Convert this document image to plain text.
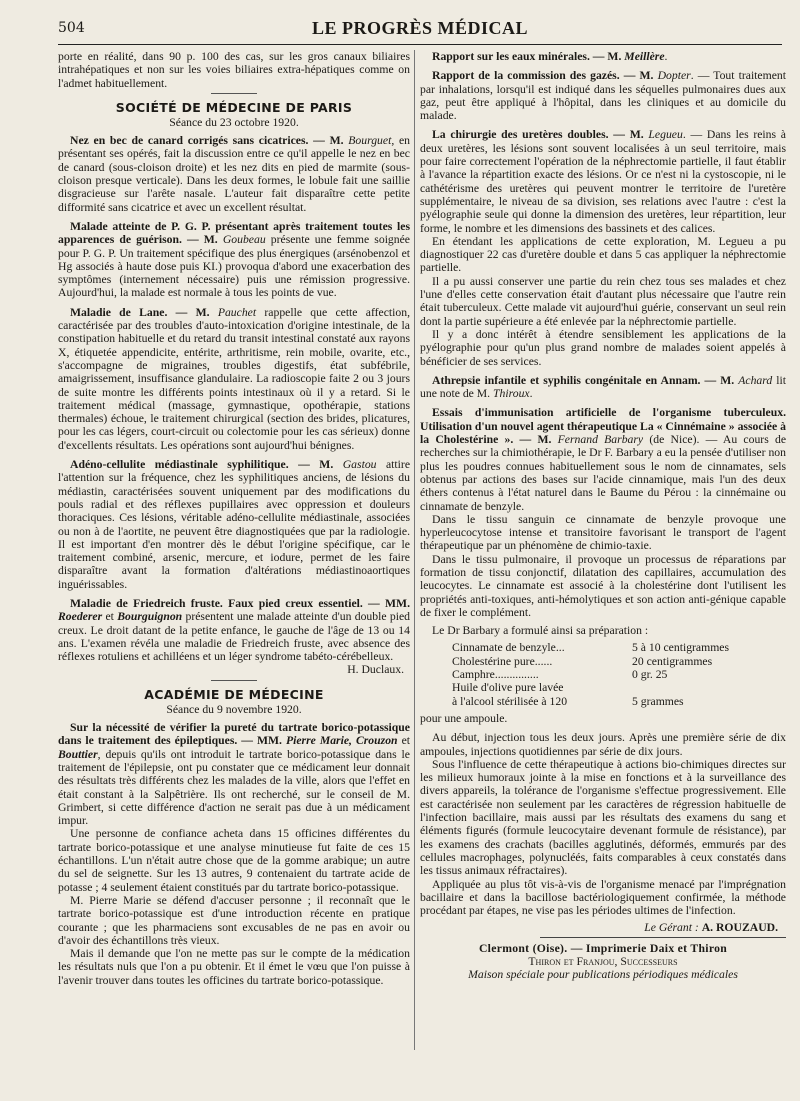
504	LE PROGRÈS MÉDICAL

porte en réalité, dans 90 p. 100 des cas, sur les gros canaux biliaires intrahépatiques et non sur les voies biliaires extra-hépatiques comme on l'admet habituellement.

SOCIÉTÉ DE MÉDECINE DE PARIS
Séance du 23 octobre 1920.

Nez en bec de canard corrigés sans cicatrices. — M. Bourguet, en présentant ses opérés, fait la discussion entre ce qu'il appelle le nez en bec de canard (sous-cloison droite) et les nez dits en pied de marmite (sous-cloison presque verticale). Dans les deux formes, le lobule fait une saillie disgracieuse sur l'arête nasale. L'auteur fait disparaître cette petite difformité sans cicatrice et avec un excellent résultat.

Malade atteinte de P. G. P. présentant après traitement toutes les apparences de guérison. — M. Goubeau présente une femme soignée pour P. G. P. Un traitement spécifique des plus énergiques (arsénobenzol et Hg associés à haute dose puis KI.) provoqua d'abord une exacerbation des symptômes (internement nécessaire) puis une rémission progressive. Aujourd'hui, la malade est normale à tous les points de vue.

Maladie de Lane. — M. Pauchet rappelle que cette affection, caractérisée par des troubles d'auto-intoxication d'origine intestinale, de la constipation habituelle et du retard du transit intestinal constaté aux rayons X, étiquetée appendicite, entérite, arthritisme, rein mobile, ovarite, etc., s'accompagne de migraines, troubles digestifs, état subfébrile, amaigrissement, insuffisance glandulaire. La radioscopie faite 2 ou 3 jours de suite montre les différents points intestinaux où il y a retard. Si le traitement médical (massage, gymnastique, opothérapie, stations thermales) échoue, le traitement chirurgical (section des brides, plicatures, pour les cas légers, court-circuit ou colectomie pour les cas sérieux) donne d'excellents résultats. Les opérations sont aujourd'hui bénignes.

Adéno-cellulite médiastinale syphilitique. — M. Gastou attire l'attention sur la fréquence, chez les syphilitiques anciens, de lésions du médiastin, caractérisées souvent uniquement par des modifications du pouls radial et des réflexes pupillaires avec oppression et douleurs thoraciques. Ces lésions, véritable adéno-cellulite médiastinale, associées ou non à de l'aortite, ne peuvent être diagnostiquées que par la radiologie. Il est important d'en montrer dès le début l'origine spécifique, car le traitement combiné, arsenic, mercure, et iodure, permet de les faire disparaître avant la formation d'altérations médiastinoaortiques inguérissables.

Maladie de Friedreich fruste. Faux pied creux essentiel. — MM. Roederer et Bourguignon présentent une malade atteinte d'un double pied creux. Le droit datant de la petite enfance, le gauche de l'âge de 13 ou 14 ans. L'examen révéla une maladie de Friedreich fruste, avec absence des réflexes rotuliens et achilléens et un léger syndrome tabéto-cérébelleux.

H. Duclaux.
ACADÉMIE DE MÉDECINE
Séance du 9 novembre 1920.

Sur la nécessité de vérifier la pureté du tartrate borico-potassique dans le traitement des épileptiques. — MM. Pierre Marie, Crouzon et Bouttier, depuis qu'ils ont introduit le tartrate borico-potassique dans le traitement de l'épilepsie, ont pu constater que ce médicament leur donnait des résultats très différents chez les malades de la ville, alors que l'effet en était constant à la Salpêtrière. Ils ont recherché, sur le conseil de M. Grimbert, si cette différence d'action ne serait pas due à un médicament impur.

Une personne de confiance acheta dans 15 officines différentes du tartrate borico-potassique et une analyse minutieuse fut faite de ces 15 échantillons. L'un n'était autre chose que de la gomme arabique; un autre du sel de seignette. Sur les 13 autres, 9 contenaient du tartrate acide de potasse ; 4 seulement étaient constitués par du tartrate borico-potassique.

M. Pierre Marie se défend d'accuser personne ; il reconnaît que le tartrate borico-potassique est d'une introduction récente en pratique courante ; que les pharmaciens sont excusables de ne pas en avoir ou d'avoir des échantillons très vieux.

Mais il demande que l'on ne mette pas sur le compte de la médication les résultats nuls que l'on a pu obtenir. Et il émet le vœu que l'on puisse à l'avenir trouver dans toutes les officines du tartrate borico-potassique.

Rapport sur les eaux minérales. — M. Meillère.

Rapport de la commission des gazés. — M. Dopter. — Tout traitement par inhalations, lorsqu'il est indiqué dans les séquelles pulmonaires dues aux gaz, peut être appliqué à l'hôpital, dans les cliniques et au domicile du malade.

La chirurgie des uretères doubles. — M. Legueu. — Dans les reins à deux uretères, les lésions sont souvent localisées à un seul territoire, mais pour faire correctement l'opération de la néphrectomie partielle, il faut établir à l'avance la répartition exacte des lésions. Or ce n'est ni la cystoscopie, ni le cathétérisme des uretères qui peuvent montrer le territoire de l'uretère supplémentaire, le niveau de sa division, ses relations avec l'autre : c'est la pyélographie seule qui donne la dimension des uretères, leur répartition, leur forme, le nombre et les dimensions des bassinets et des calices.

En étendant les applications de cette exploration, M. Legueu a pu diagnostiquer 22 cas d'uretère double et dans 5 cas appliquer la néphrectomie partielle.

Il a pu aussi conserver une partie du rein chez tous ses malades et chez l'une d'elles cette conservation était d'autant plus nécessaire que l'autre rein était tuberculeux. Cette malade vit aujourd'hui guérie, conservant un seul rein dont la partie supérieure a été enlevée par la néphrectomie partielle.

Il y a donc intérêt à étendre sensiblement les applications de la pyélographie pour qu'un plus grand nombre de malades soient appelés à bénéficier de ses services.

Athrepsie infantile et syphilis congénitale en Annam. — M. Achard lit une note de M. Thiroux.

Essais d'immunisation artificielle de l'organisme tuberculeux. Utilisation d'un nouvel agent thérapeutique La « Cinnémaine » associée à la Cholestérine ». — M. Fernand Barbary (de Nice). — Au cours de recherches sur la chimiothérapie, le Dr F. Barbary a eu la pensée d'utiliser non plus les poudres connues habituellement sous le nom de cinnamates, sels obtenus par actions des bases sur l'acide cinnamique, mais l'un des deux éthers contenus à l'état naturel dans le Baume du Pérou : la cinnémaine ou cinnamate de benzyle.

Dans le tissu sanguin ce cinnamate de benzyle provoque une hyperleucocytose intense et transitoire favorisant le transport de l'agent thérapeutique par un phénomène de chimio-taxie.

Dans le tissu pulmonaire, il provoque un processus de réparations par formation de tissu conjonctif, dilatation des capillaires, accumulation des leucocytes. Le cinnamate est associé à la cholestérine dont l'utilisent les propriétés anti-toxiques, anti-hémolytiques et son action anti-génique capable de fixer le complément.

Le Dr Barbary a formulé ainsi sa préparation :

Cinnamate de benzyle...	5 à 10 centigrammes
Cholestérine pure......	20 centigrammes
Camphre...............	0 gr. 25
Huile d'olive pure lavée
à l'alcool stérilisée à 120	5 grammes

pour une ampoule.

Au début, injection tous les deux jours. Après une première série de dix ampoules, injections quotidiennes par série de dix jours.

Sous l'influence de cette thérapeutique à actions bio-chimiques directes sur les milieux humoraux jointe à la mise en fonctions et à la surveillance des divers appareils, la tolérance de l'organisme s'effectue progressivement. Elle est caractérisée non seulement par les caractères de régression habituelle de l'infection bacillaire, mais aussi par les résultats des examens du sang et éléments figurés (formule leucocytaire devenant formule de résistance), par les examens des crachats (bacilles agglutinés, déformés, emmurés par des cellules macrophages, polynucléés, faits comparables à ceux constatés dans les tissus animaux réfractaires).

Appliquée au plus tôt vis-à-vis de l'organisme menacé par l'imprégnation bacillaire et dans la bacillose bactériologiquement confirmée, la méthode procédant par étapes, ne vise pas les périodes ultimes de l'infection.

Le Gérant : A. ROUZAUD.
Clermont (Oise). — Imprimerie Daix et Thiron
Thiron et Franjou, Successeurs
Maison spéciale pour publications périodiques médicales
